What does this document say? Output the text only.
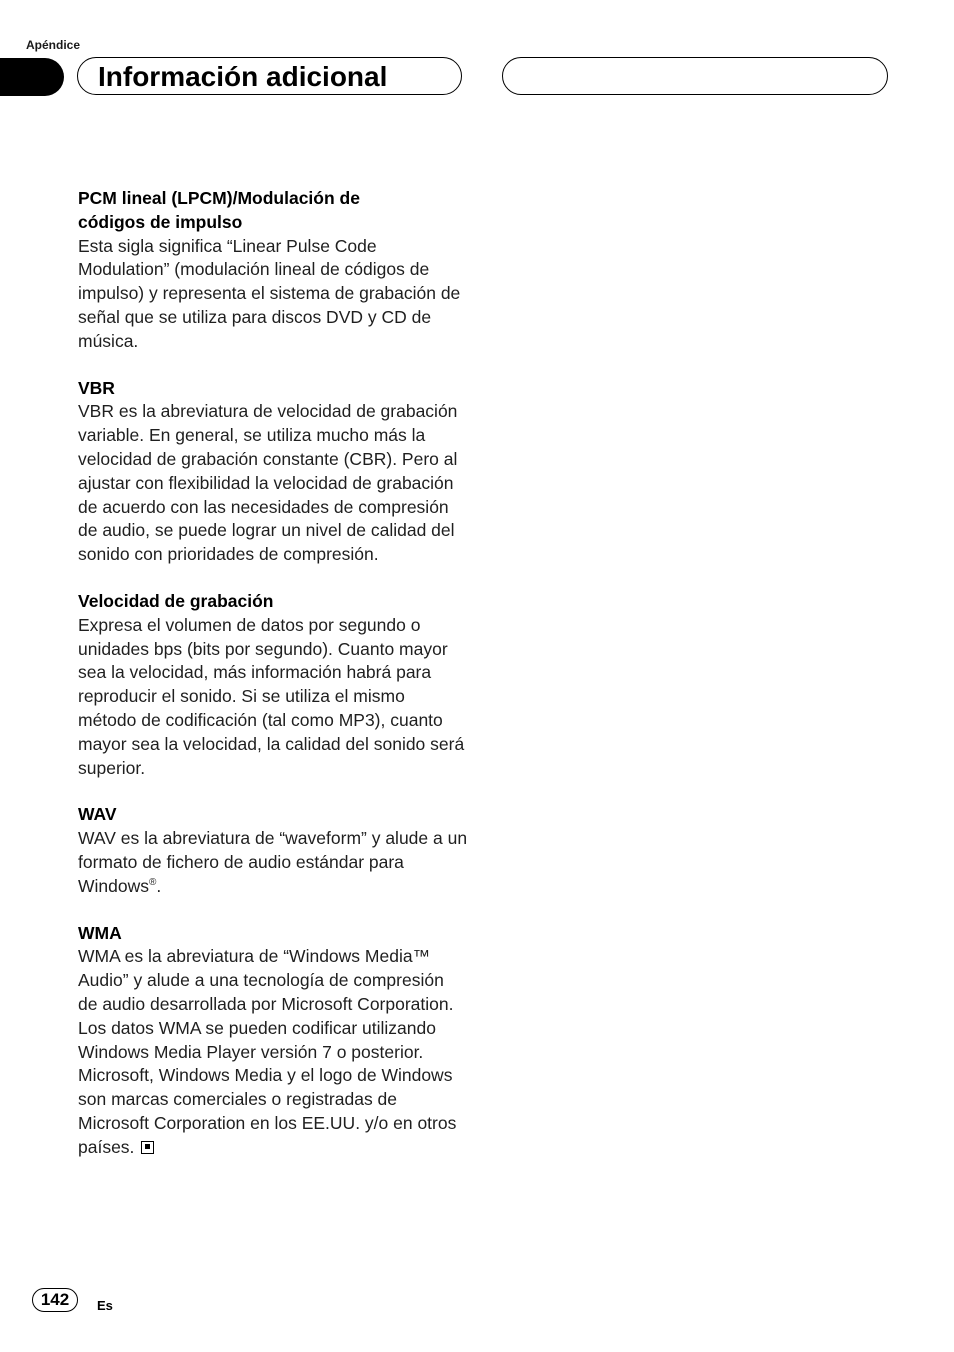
Apéndice
Información adicional
PCM lineal (LPCM)/Modulación de
códigos de impulso

Esta sigla significa “Linear Pulse Code Modulation” (modulación lineal de códigos de impulso) y representa el sistema de grabación de señal que se utiliza para discos DVD y CD de música.

VBR

VBR es la abreviatura de velocidad de grabación variable. En general, se utiliza mucho más la velocidad de grabación constante (CBR). Pero al ajustar con flexibilidad la velocidad de grabación de acuerdo con las necesidades de compresión de audio, se puede lograr un nivel de calidad del sonido con prioridades de compresión.

Velocidad de grabación

Expresa el volumen de datos por segundo o unidades bps (bits por segundo). Cuanto mayor sea la velocidad, más información habrá para reproducir el sonido. Si se utiliza el mismo método de codificación (tal como MP3), cuanto mayor sea la velocidad, la calidad del sonido será superior.

WAV

WAV es la abreviatura de “waveform” y alude a un formato de fichero de audio estándar para Windows®.

WMA

WMA es la abreviatura de “Windows Media™ Audio” y alude a una tecnología de compresión de audio desarrollada por Microsoft Corporation. Los datos WMA se pueden codificar utilizando Windows Media Player versión 7 o posterior.

Microsoft, Windows Media y el logo de Windows son marcas comerciales o registradas de Microsoft Corporation en los EE.UU. y/o en otros países.

142	Es
